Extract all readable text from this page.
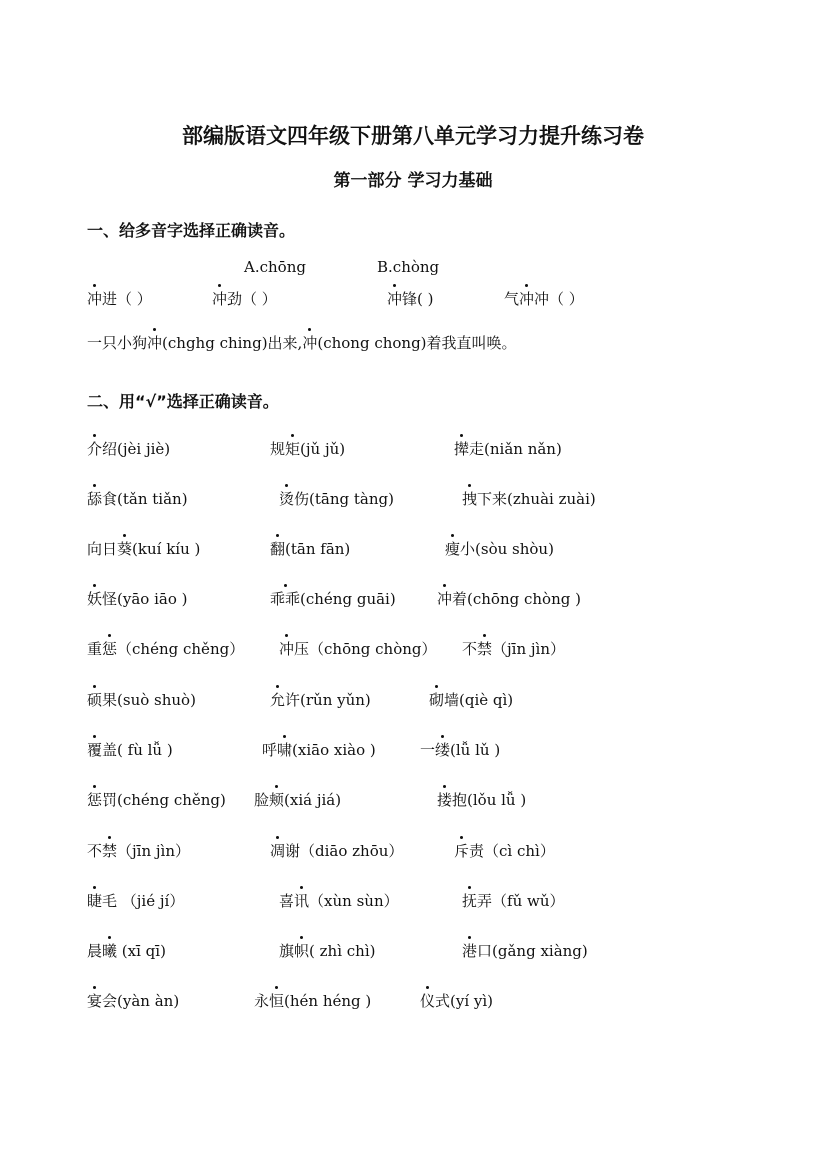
部编版语文四年级下册第八单元学习力提升练习卷
第一部分 学习力基础
一、给多音字选择正确读音。
A.chōng	B.chòng
冲进（ ）	冲劲（ ）	冲锋( )	气冲冲（ ）
一只小狗冲(chghg ching)出来,冲(chong chong)着我直叫唤。
二、用“√”选择正确读音。
介绍(jèi jiè)	规矩(jǔ jǔ)	撵走(niǎn nǎn)
舔食(tǎn tiǎn)	烫伤(tāng tàng)	拽下来(zhuài zuài)
向日葵(kuí kíu )	翻(tān fān)	瘦小(sòu shòu)
妖怪(yāo iāo )	乖乖(chéng guāi)	冲着(chōng chòng )
重惩（chéng chěng） 冲压（chōng chòng） 不禁（jīn jìn）
硕果(suò shuò)	允许(rǔn yǔn)	砌墙(qiè qì)
覆盖( fù lǚ )	呼啸(xiāo xiào )	一缕(lǚ lǔ )
惩罚(chéng chěng) 脸颊(xiá jiá)	搂抱(lǒu lǚ )
不禁（jīn jìn）	凋谢（diāo zhōu）	斥责（cì chì）
睫毛 （jié jí）	喜讯（xùn sùn）	抚弄（fǔ wǔ）
晨曦 (xī qī)	旗帜( zhì chì)	港口(gǎng xiàng)
宴会(yàn àn)	永恒(hén héng )	仪式(yí yì)
